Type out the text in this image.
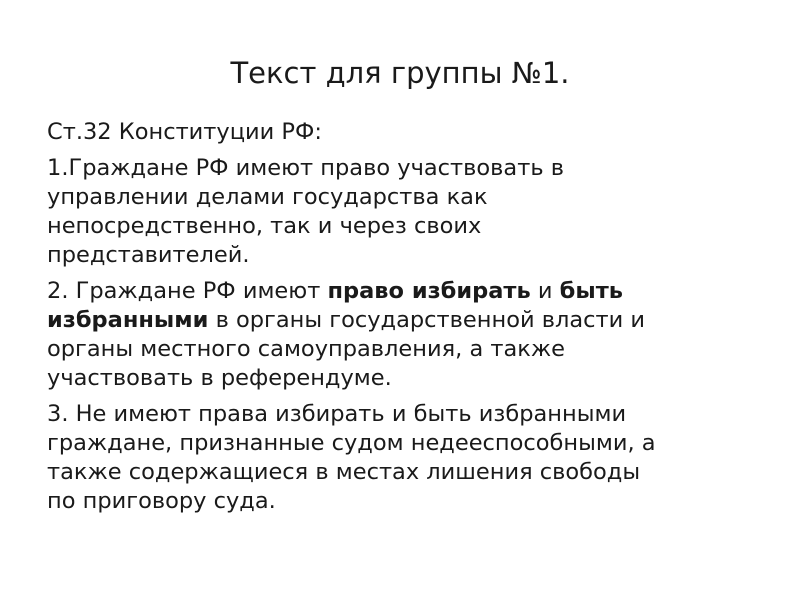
Текст для группы №1.
Ст.32 Конституции РФ:
1.Граждане РФ имеют право участвовать в
управлении делами государства как
непосредственно, так и через своих
представителей.
2. Граждане РФ имеют право избирать и быть
избранными в органы государственной власти и
органы местного самоуправления, а также
участвовать в референдуме.
3. Не имеют права избирать и быть избранными
граждане, признанные судом недееспособными, а
также содержащиеся в местах лишения свободы
по приговору суда.
